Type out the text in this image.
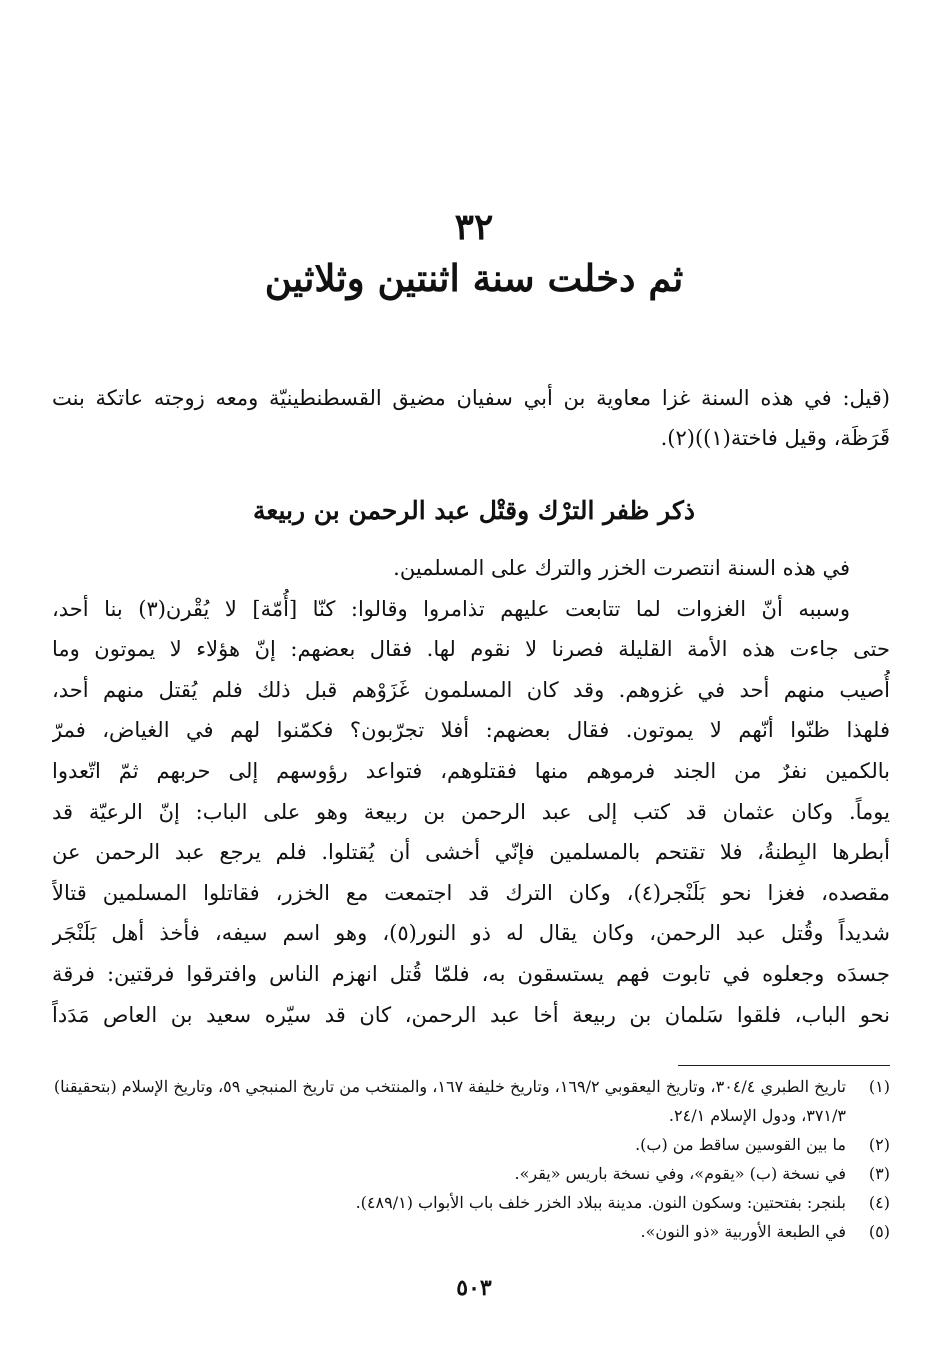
٣٢
ثم دخلت سنة اثنتين وثلاثين
(قيل: في هذه السنة غزا معاوية بن أبي سفيان مضيق القسطنطينيّة ومعه زوجته عاتكة بنت قَرَظَة، وقيل فاختة(١))(٢).
ذكر ظفر الترْك وقتْل عبد الرحمن بن ربيعة
في هذه السنة انتصرت الخزر والترك على المسلمين.
وسببه أنّ الغزوات لما تتابعت عليهم تذامروا وقالوا: كنّا [أُمّة] لا يُقْرن(٣) بنا أحد،
حتى جاءت هذه الأمة القليلة فصرنا لا نقوم لها. فقال بعضهم: إنّ هؤلاء لا يموتون وما
أُصيب منهم أحد في غزوهم. وقد كان المسلمون غَزَوْهم قبل ذلك فلم يُقتل منهم أحد،
فلهذا ظنّوا أنّهم لا يموتون. فقال بعضهم: أفلا تجرّبون؟ فكمّنوا لهم في الغياض، فمرّ
بالكمين نفرٌ من الجند فرموهم منها فقتلوهم، فتواعد رؤوسهم إلى حربهم ثمّ اتّعدوا
يوماً. وكان عثمان قد كتب إلى عبد الرحمن بن ربيعة وهو على الباب: إنّ الرعيّة قد
أبطرها البِطنةُ، فلا تقتحم بالمسلمين فإنّي أخشى أن يُقتلوا. فلم يرجع عبد الرحمن عن
مقصده، فغزا نحو بَلَنْجر(٤)، وكان الترك قد اجتمعت مع الخزر، فقاتلوا المسلمين قتالاً
شديداً وقُتل عبد الرحمن، وكان يقال له ذو النور(٥)، وهو اسم سيفه، فأخذ أهل بَلَنْجَر
جسدَه وجعلوه في تابوت فهم يستسقون به، فلمّا قُتل انهزم الناس وافترقوا فرقتين: فرقة
نحو الباب، فلقوا سَلمان بن ربيعة أخا عبد الرحمن، كان قد سيّره سعيد بن العاص مَدَداً
(١)
تاريخ الطبري ٣٠٤/٤، وتاريخ اليعقوبي ١٦٩/٢، وتاريخ خليفة ١٦٧، والمنتخب من تاريخ المنبجي ٥٩، وتاريخ الإسلام (بتحقيقنا) ٣٧١/٣، ودول الإسلام ٢٤/١.
(٢)
ما بين القوسين ساقط من (ب).
(٣)
في نسخة (ب) «يقوم»، وفي نسخة باريس «يقر».
(٤)
بلنجر: بفتحتين: وسكون النون. مدينة ببلاد الخزر خلف باب الأبواب (٤٨٩/١).
(٥)
في الطبعة الأوربية «ذو النون».
٥٠٣
